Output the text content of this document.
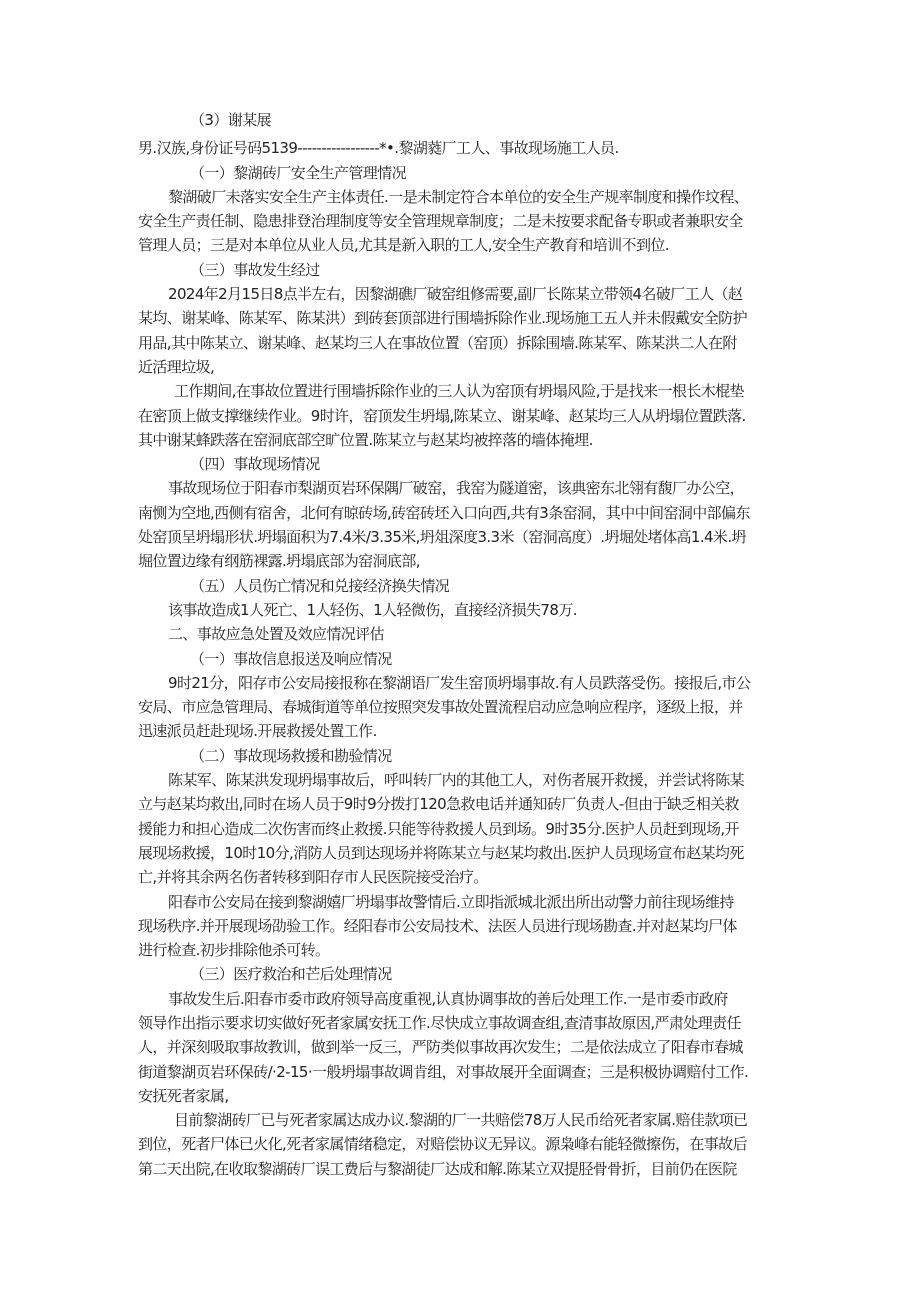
（3）谢某展
男.汉族,身份证号码5139-----------------*•.黎湖蕤厂工人、事故现场施工人员.
（一）黎湖砖厂安全生产管理情况
黎湖破厂未落实安全生产主体责任.一是未制定符合本单位的安全生产规率制度和操作坟程、
安全生产责任制、隐患排登治理制度等安全管理规章制度；二是未按要求配备专职或者兼职安全
管理人员；三是对本单位从业人员,尤其是新入职的工人,安全生产教育和培训不到位.
（三）事故发生经过
2024年2月15日8点半左右，因黎湖礁厂破窑组修需要,副厂长陈某立带领4名破厂工人（赵
某均、谢某峰、陈某军、陈某洪）到砖套顶部进行围墙拆除作业.现场施工五人并未假戴安全防护
用品,其中陈某立、谢某峰、赵某均三人在事故位置（窑顶）拆除围墙.陈某军、陈某洪二人在附
近活理垃圾,
工作期间,在事故位置进行围墙拆除作业的三人认为窑顶有坍塌风险,于是找来一根长木棍垫
在密顶上做支撑继续作业。9时许，窑顶发生坍塌,陈某立、谢某峰、赵某均三人从坍塌位置跌落.
其中谢某蜂跌落在窑洞底部空旷位置.陈某立与赵某均被捽落的墙体掩埋.
（四）事故现场情况
事故现场位于阳春市梨湖页岩环保隅厂破窑，我窑为隧道密，该典密东北翎有馥厂办公空，
南恻为空地,西侧有宿舍，北何有晾砖场,砖窑砖坯入口向西,共有3条窑洞，其中中间窑洞中部偏东
处窑顶呈坍塌形状.坍塌面积为7.4米/3.35米,坍俎深度3.3米（窑洞高度）.坍堀处堵体高1.4米.坍
堀位置边缘有纲筋裸露.坍塌底部为窑洞底部,
（五）人员伤亡情况和兑接经济换失情况
该事故造成1人死亡、1人轻伤、1人轻微伤，直接经济损失78万.
二、事故应急处置及效应情况评估
（一）事故信息报送及响应情况
9时21分，阳存市公安局接报称在黎湖语厂发生窑顶坍塌事故.有人员跌落受伤。接报后,市公
安局、市应急管理局、春城街道等单位按照突发事故处置流程启动应急响应程序，逐级上报，并
迅速派员赶赴现场.开展救援处置工作.
（二）事故现场救援和勘验情况
陈某军、陈某洪发现坍塌事故后，呼叫转厂内的其他工人，对伤者展开救援，并尝试将陈某
立与赵某均救出,同时在场人员于9时9分拨打120急救电话并通知砖厂负责人-但由于缺乏相关救
援能力和担心造成二次伤害而终止救援.只能等待救援人员到场。9时35分.医护人员赶到现场,开
展现场救援，10时10分,消防人员到达现场并将陈某立与赵某均救出.医护人员现场宣布赵某均死
亡,并将其余两名伤者转移到阳存市人民医院接受治疗。
阳春市公安局在接到黎湖嬉厂坍塌事故警情后.立即指派城北派出所出动警力前往现场维持
现场秩序.并开展现场劭验工作。经阳春市公安局技术、法医人员进行现场勘查.并对赵某均尸体
进行检查.初步排除他杀可转。
（三）医疗救治和芒后处理情况
事故发生后.阳春市委市政府领导高度重视,认真协调事故的善后处理工作.一是市委市政府
领导作出指示要求切实做好死者家属安抚工作.尽快成立事故调查组,查清事故原因,严肃处理责任
人，并深刻吸取事故教训，做到举一反三，严防类似事故再次发生；二是依法成立了阳春市春城
街道黎湖页岩环保砖/·2-15·一般坍塌事故调肯组，对事故展开全面调查；三是积极协调赔付工作.
安抚死者家属,
目前黎湖砖厂已与死者家属达成办议.黎湖的厂一共赔偿78万人民币给死者家属.赔佳款项已
到位，死者尸体已火化,死者家属情绪稳定，对赔偿协议无异议。源枭峰右能轻微擦伤，在事故后
第二天出院,在收取黎湖砖厂误工费后与黎湖徒厂达成和解.陈某立双提胫骨骨折，目前仍在医院
